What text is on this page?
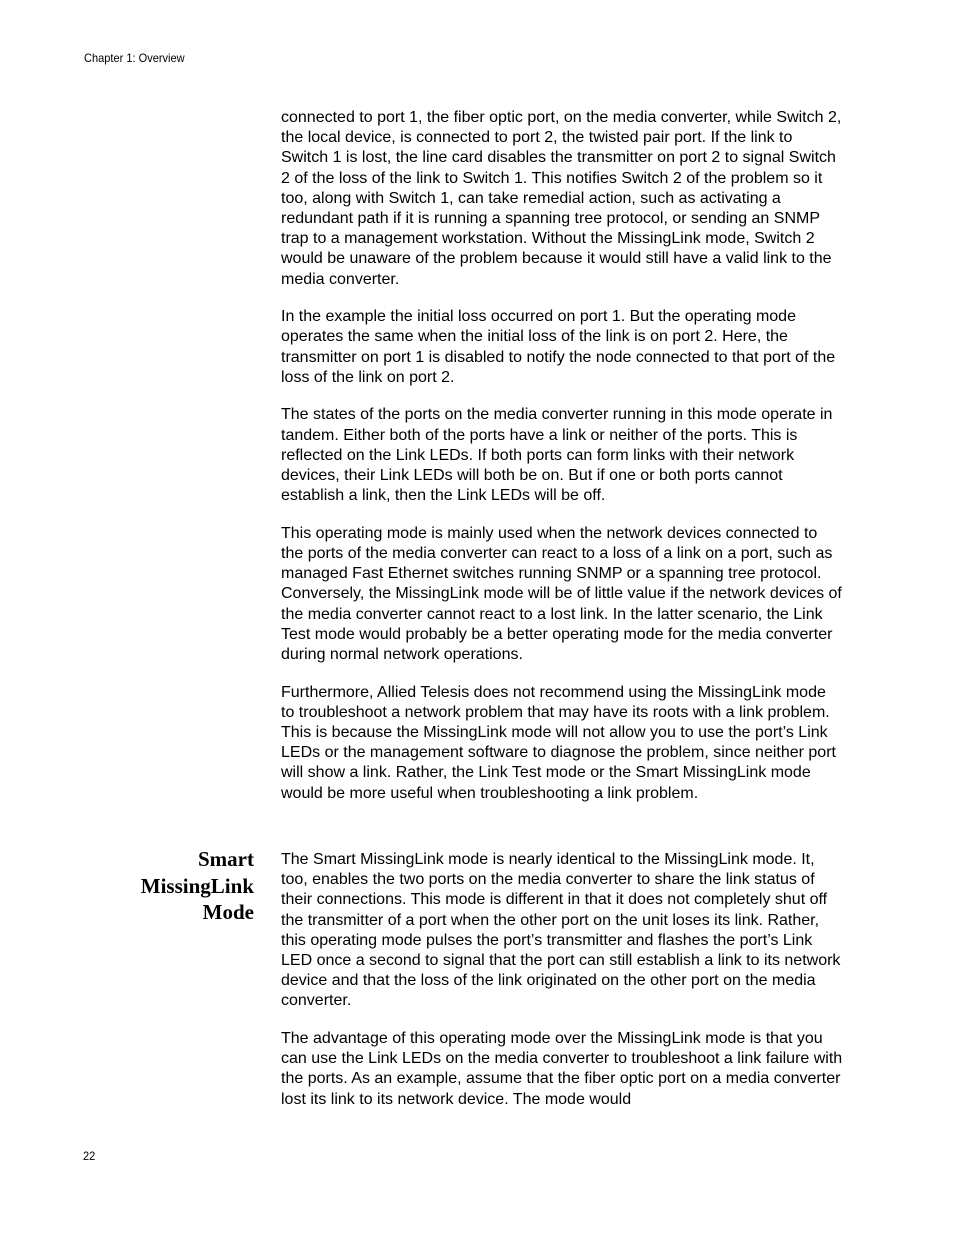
Chapter 1: Overview

connected to port 1, the fiber optic port, on the media converter, while Switch 2, the local device, is connected to port 2, the twisted pair port. If the link to Switch 1 is lost, the line card disables the transmitter on port 2 to signal Switch 2 of the loss of the link to Switch 1. This notifies Switch 2 of the problem so it too, along with Switch 1, can take remedial action, such as activating a redundant path if it is running a spanning tree protocol, or sending an SNMP trap to a management workstation. Without the MissingLink mode, Switch 2 would be unaware of the problem because it would still have a valid link to the media converter.

In the example the initial loss occurred on port 1. But the operating mode operates the same when the initial loss of the link is on port 2. Here, the transmitter on port 1 is disabled to notify the node connected to that port of the loss of the link on port 2.

The states of the ports on the media converter running in this mode operate in tandem. Either both of the ports have a link or neither of the ports. This is reflected on the Link LEDs. If both ports can form links with their network devices, their Link LEDs will both be on. But if one or both ports cannot establish a link, then the Link LEDs will be off.

This operating mode is mainly used when the network devices connected to the ports of the media converter can react to a loss of a link on a port, such as managed Fast Ethernet switches running SNMP or a spanning tree protocol. Conversely, the MissingLink mode will be of little value if the network devices of the media converter cannot react to a lost link. In the latter scenario, the Link Test mode would probably be a better operating mode for the media converter during normal network operations.

Furthermore, Allied Telesis does not recommend using the MissingLink mode to troubleshoot a network problem that may have its roots with a link problem. This is because the MissingLink mode will not allow you to use the port’s Link LEDs or the management software to diagnose the problem, since neither port will show a link. Rather, the Link Test mode or the Smart MissingLink mode would be more useful when troubleshooting a link problem.

Smart
MissingLink
Mode

The Smart MissingLink mode is nearly identical to the MissingLink mode. It, too, enables the two ports on the media converter to share the link status of their connections. This mode is different in that it does not completely shut off the transmitter of a port when the other port on the unit loses its link. Rather, this operating mode pulses the port’s transmitter and flashes the port’s Link LED once a second to signal that the port can still establish a link to its network device and that the loss of the link originated on the other port on the media converter.

The advantage of this operating mode over the MissingLink mode is that you can use the Link LEDs on the media converter to troubleshoot a link failure with the ports. As an example, assume that the fiber optic port on a media converter lost its link to its network device. The mode would

22
